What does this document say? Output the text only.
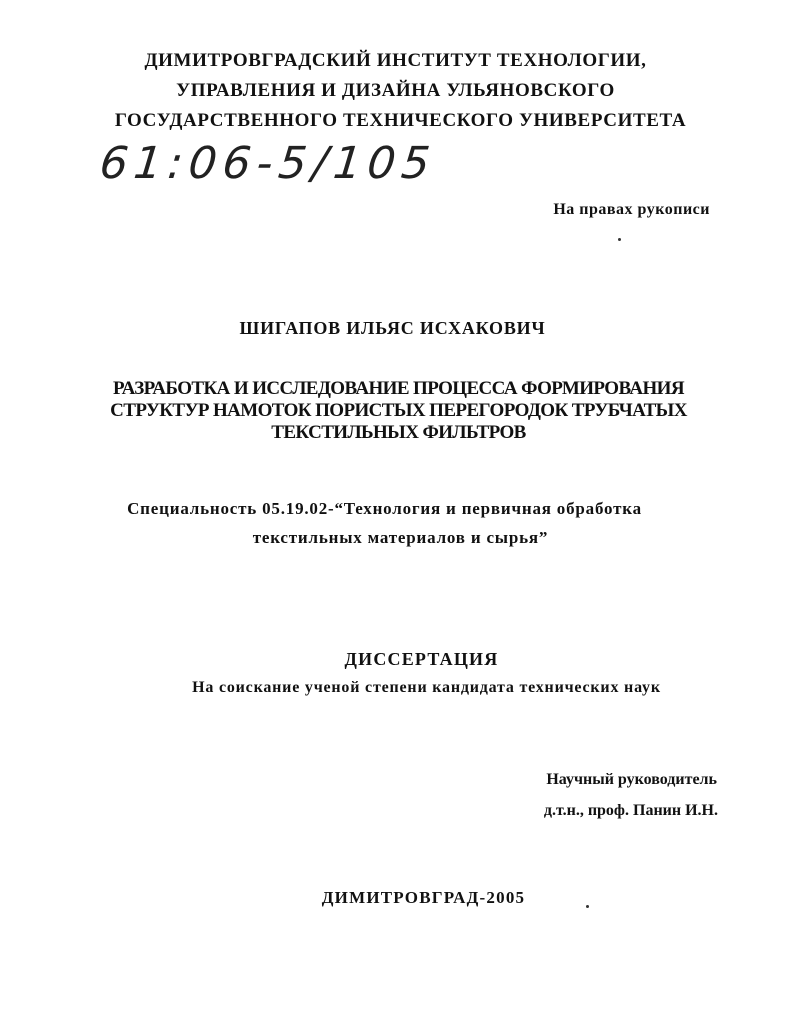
ДИМИТРОВГРАДСКИЙ ИНСТИТУТ ТЕХНОЛОГИИ,
УПРАВЛЕНИЯ И ДИЗАЙНА УЛЬЯНОВСКОГО
ГОСУДАРСТВЕННОГО ТЕХНИЧЕСКОГО УНИВЕРСИТЕТА
61:06-5/105
На правах рукописи
ШИГАПОВ ИЛЬЯС ИСХАКОВИЧ
РАЗРАБОТКА И ИССЛЕДОВАНИЕ ПРОЦЕССА ФОРМИРОВАНИЯ
СТРУКТУР НАМОТОК ПОРИСТЫХ ПЕРЕГОРОДОК ТРУБЧАТЫХ
ТЕКСТИЛЬНЫХ ФИЛЬТРОВ
Специальность 05.19.02-“Технология и первичная обработка
текстильных материалов и сырья”
ДИССЕРТАЦИЯ
На соискание ученой степени кандидата технических наук
Научный руководитель
д.т.н., проф. Панин И.Н.
ДИМИТРОВГРАД-2005
